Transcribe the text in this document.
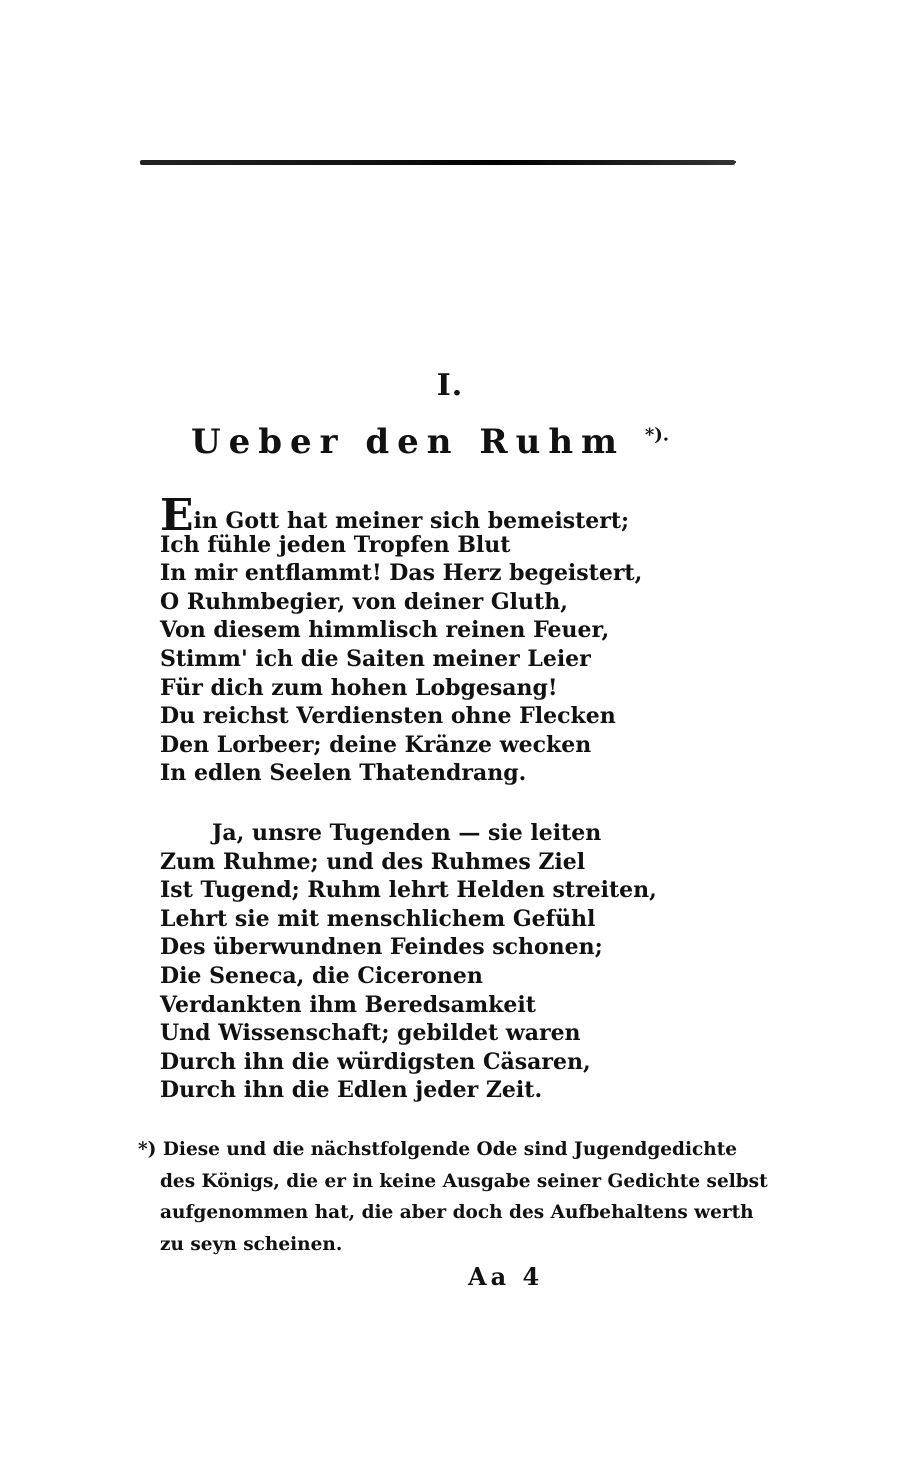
I.
Ueber den Ruhm *).
Ein Gott hat meiner sich bemeistert;
Ich fühle jeden Tropfen Blut
In mir entflammt! Das Herz begeistert,
O Ruhmbegier, von deiner Gluth,
Von diesem himmlisch reinen Feuer,
Stimm' ich die Saiten meiner Leier
Für dich zum hohen Lobgesang!
Du reichst Verdiensten ohne Flecken
Den Lorbeer; deine Kränze wecken
In edlen Seelen Thatendrang.
Ja, unsre Tugenden — sie leiten
Zum Ruhme; und des Ruhmes Ziel
Ist Tugend; Ruhm lehrt Helden streiten,
Lehrt sie mit menschlichem Gefühl
Des überwundnen Feindes schonen;
Die Seneca, die Ciceronen
Verdankten ihm Beredsamkeit
Und Wissenschaft; gebildet waren
Durch ihn die würdigsten Cäsaren,
Durch ihn die Edlen jeder Zeit.
*) Diese und die nächstfolgende Ode sind Jugendgedichte
des Königs, die er in keine Ausgabe seiner Gedichte selbst
aufgenommen hat, die aber doch des Aufbehaltens werth
zu seyn scheinen.
Aa 4
